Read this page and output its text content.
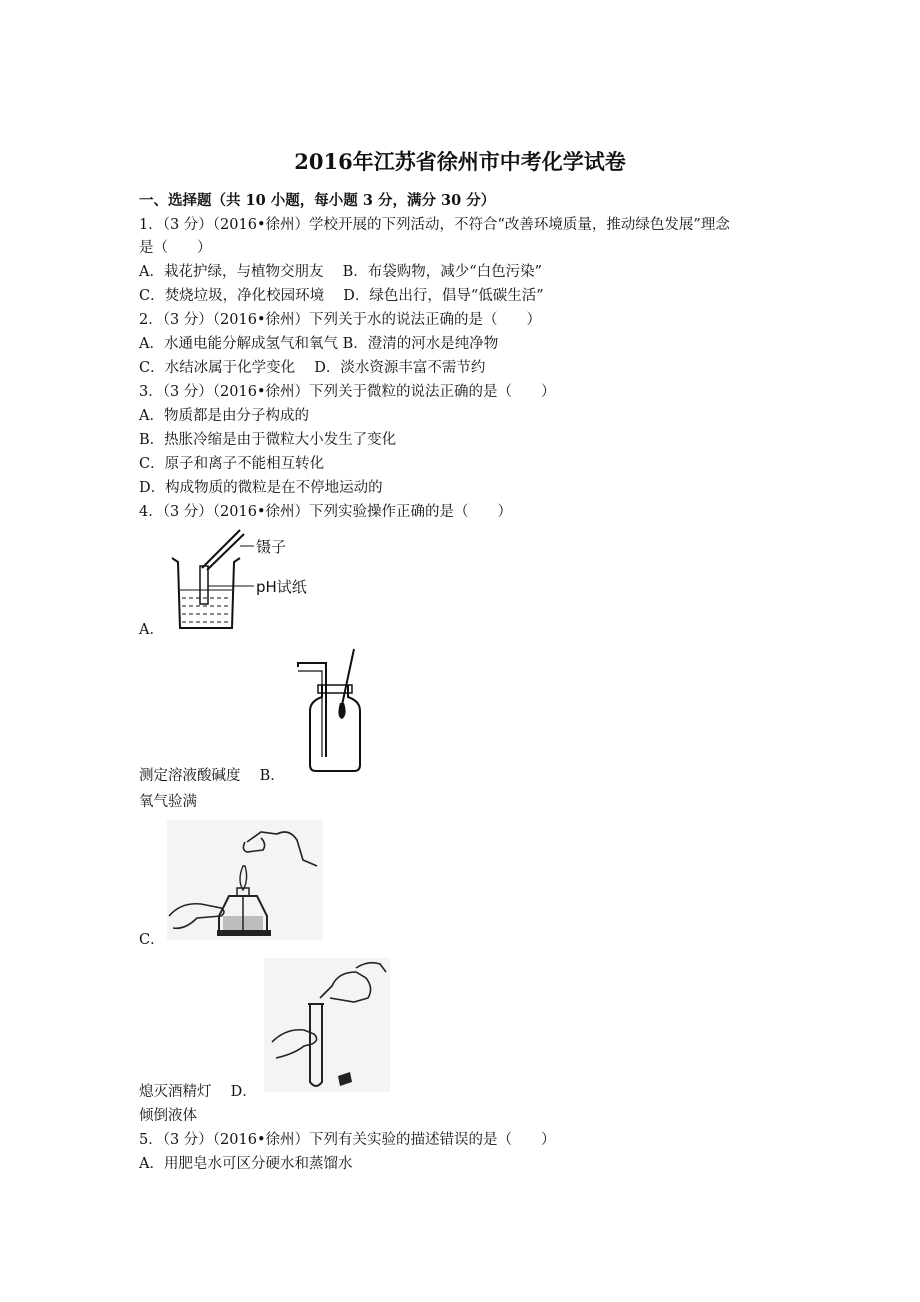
2016年江苏省徐州市中考化学试卷
一、选择题（共 10 小题，每小题 3 分，满分 30 分）
1．（3 分）（2016•徐州）学校开展的下列活动，不符合“改善环境质量，推动绿色发展”理念
是（　　）
A．栽花护绿，与植物交朋友　 B．布袋购物，减少“白色污染”
C．焚烧垃圾，净化校园环境　 D．绿色出行，倡导“低碳生活”
2．（3 分）（2016•徐州）下列关于水的说法正确的是（　　）
A．水通电能分解成氢气和氧气 B．澄清的河水是纯净物
C．水结冰属于化学变化　 D．淡水资源丰富不需节约
3．（3 分）（2016•徐州）下列关于微粒的说法正确的是（　　）
A．物质都是由分子构成的
B．热胀冷缩是由于微粒大小发生了变化
C．原子和离子不能相互转化
D．构成物质的微粒是在不停地运动的
4．（3 分）（2016•徐州）下列实验操作正确的是（　　）
镊子
pH试纸
A．
测定溶液酸碱度　 B．
氧气验满
C．
熄灭酒精灯　 D．
倾倒液体
5．（3 分）（2016•徐州）下列有关实验的描述错误的是（　　）
A．用肥皂水可区分硬水和蒸馏水
